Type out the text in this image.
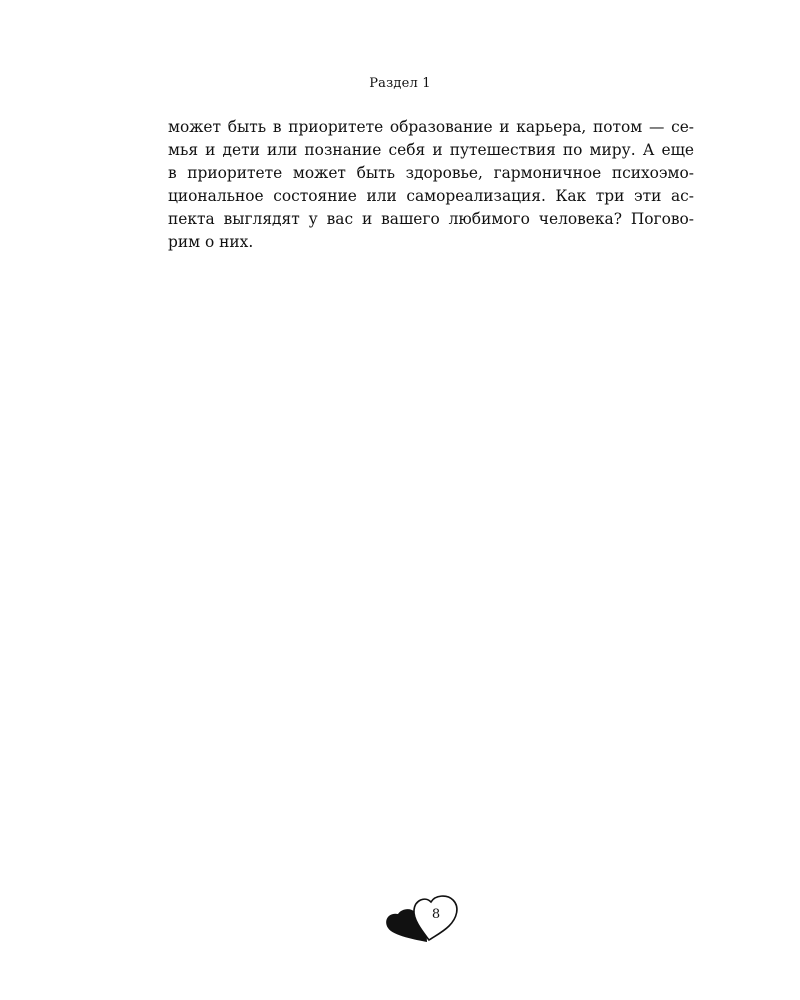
Раздел 1
может быть в приоритете образование и карьера, потом — се-
мья и дети или познание себя и путешествия по миру. А еще
в приоритете может быть здоровье, гармоничное психоэмо-
циональное состояние или самореализация. Как три эти ас-
пекта выглядят у вас и вашего любимого человека? Погово-
рим о них.
8
